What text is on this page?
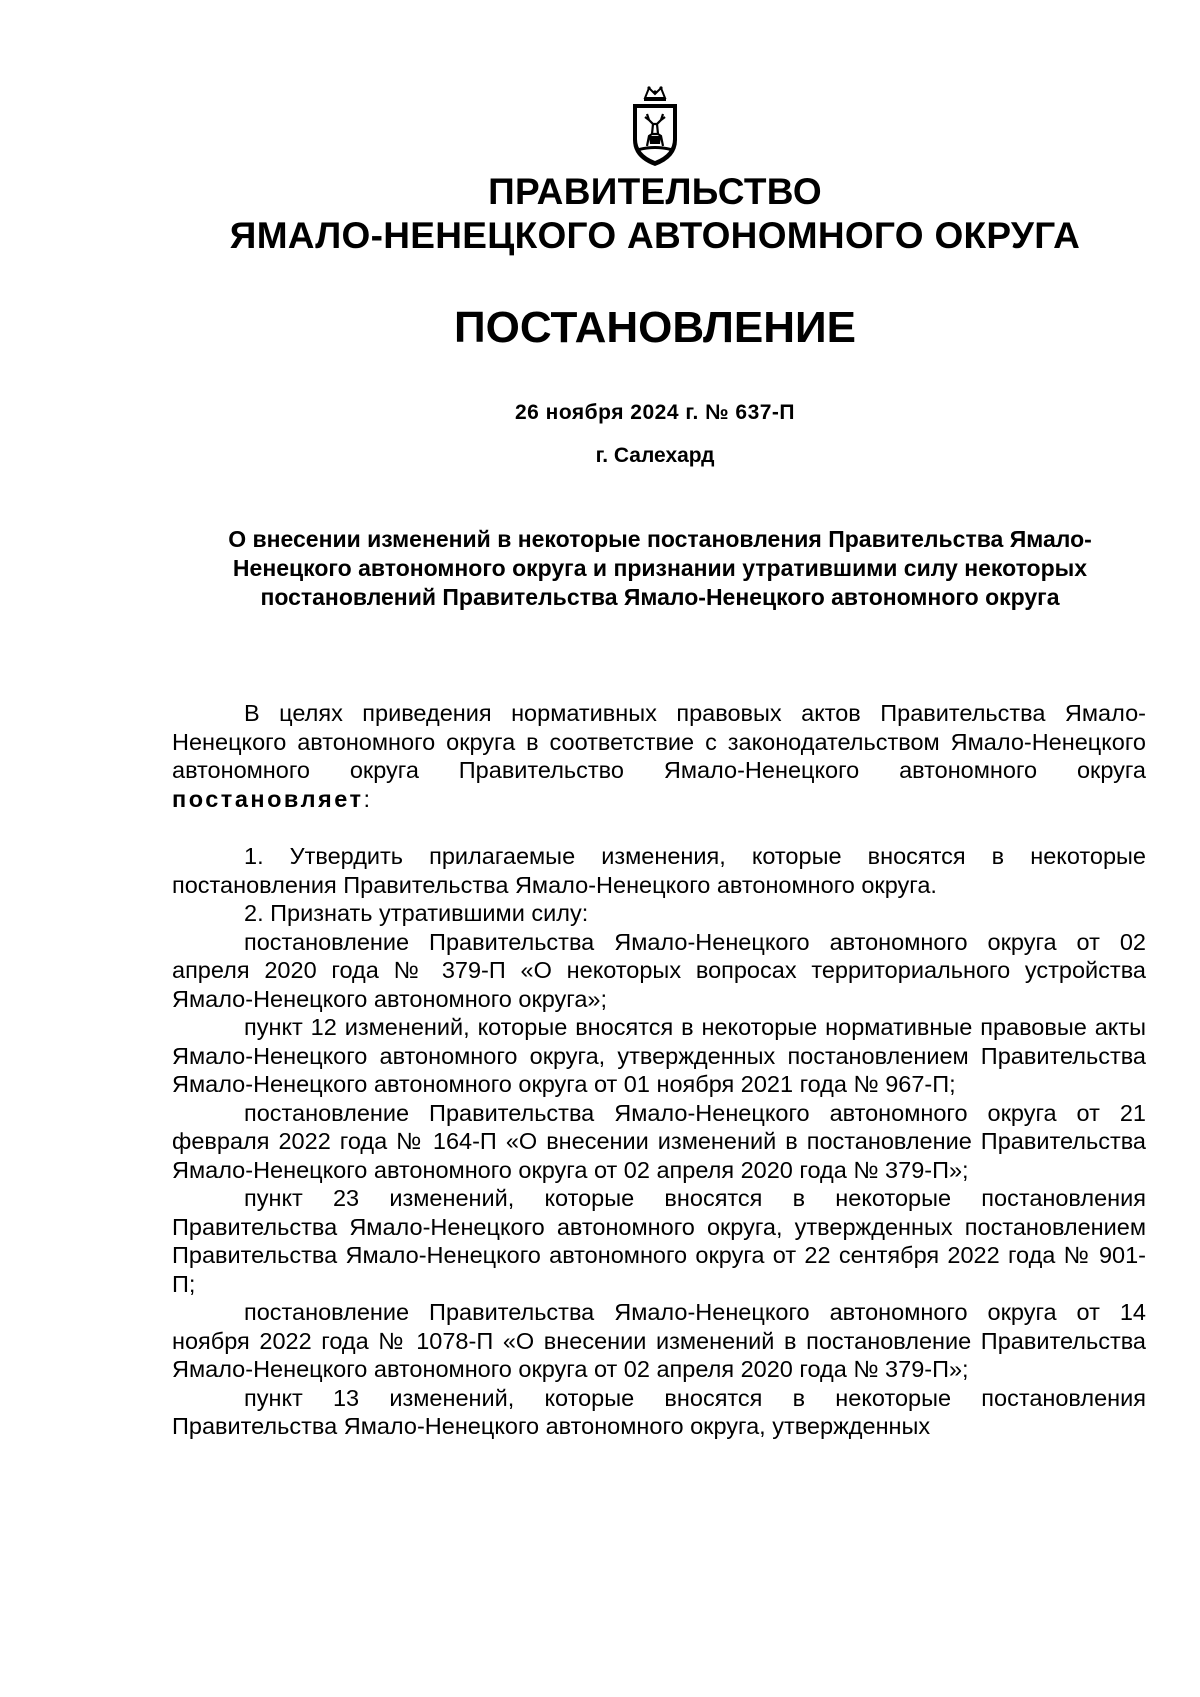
ПРАВИТЕЛЬСТВО
ЯМАЛО-НЕНЕЦКОГО АВТОНОМНОГО ОКРУГА
ПОСТАНОВЛЕНИЕ
26 ноября 2024 г. № 637-П
г. Салехард
О внесении изменений в некоторые постановления Правительства Ямало-Ненецкого автономного округа и признании утратившими силу некоторых постановлений Правительства Ямало-Ненецкого автономного округа

В целях приведения нормативных правовых актов Правительства Ямало-Ненецкого автономного округа в соответствие с законодательством Ямало-Ненецкого автономного округа Правительство Ямало-Ненецкого автономного округа постановляет:

1. Утвердить прилагаемые изменения, которые вносятся в некоторые постановления Правительства Ямало-Ненецкого автономного округа.

2. Признать утратившими силу:

постановление Правительства Ямало-Ненецкого автономного округа от 02 апреля 2020 года № 379-П «О некоторых вопросах территориального устройства Ямало-Ненецкого автономного округа»;

пункт 12 изменений, которые вносятся в некоторые нормативные правовые акты Ямало-Ненецкого автономного округа, утвержденных постановлением Правительства Ямало-Ненецкого автономного округа от 01 ноября 2021 года № 967-П;

постановление Правительства Ямало-Ненецкого автономного округа от 21 февраля 2022 года № 164-П «О внесении изменений в постановление Правительства Ямало-Ненецкого автономного округа от 02 апреля 2020 года № 379-П»;

пункт 23 изменений, которые вносятся в некоторые постановления Правительства Ямало-Ненецкого автономного округа, утвержденных постановлением Правительства Ямало-Ненецкого автономного округа от 22 сентября 2022 года № 901-П;

постановление Правительства Ямало-Ненецкого автономного округа от 14 ноября 2022 года № 1078-П «О внесении изменений в постановление Правительства Ямало-Ненецкого автономного округа от 02 апреля 2020 года № 379-П»;

пункт 13 изменений, которые вносятся в некоторые постановления Правительства Ямало-Ненецкого автономного округа, утвержденных
